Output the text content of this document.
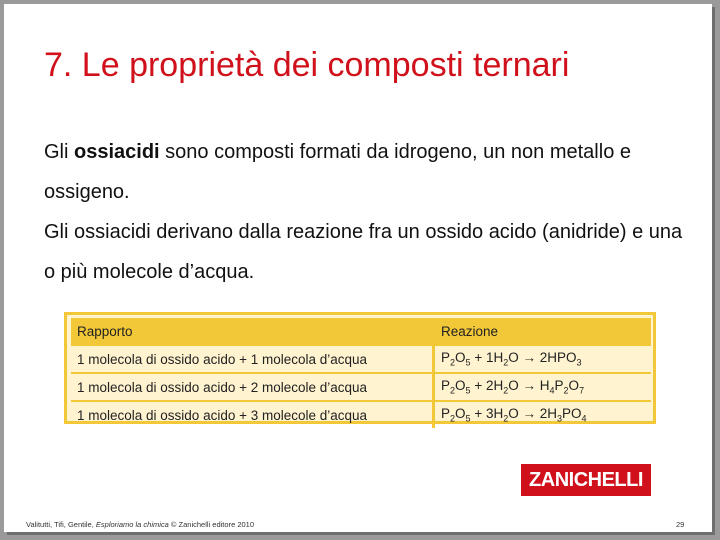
7. Le proprietà dei composti ternari

Gli ossiacidi sono composti formati da idrogeno, un non metallo e ossigeno.

Gli ossiacidi derivano dalla reazione fra un ossido acido (anidride) e una o più molecole d’acqua.

Rapporto	Reazione
1 molecola di ossido acido + 1 molecola d’acqua	$P_2O_5 + 1H_2O \to 2HPO_3$
1 molecola di ossido acido + 2 molecole d’acqua	$P_2O_5 + 2H_2O \to H_4P_2O_7$
1 molecola di ossido acido + 3 molecole d’acqua	$P_2O_5 + 3H_2O \to 2H_3PO_4$
ZANICHELLI
Valitutti, Tifi, Gentile, Esploriamo la chimica © Zanichelli editore 2010	29
